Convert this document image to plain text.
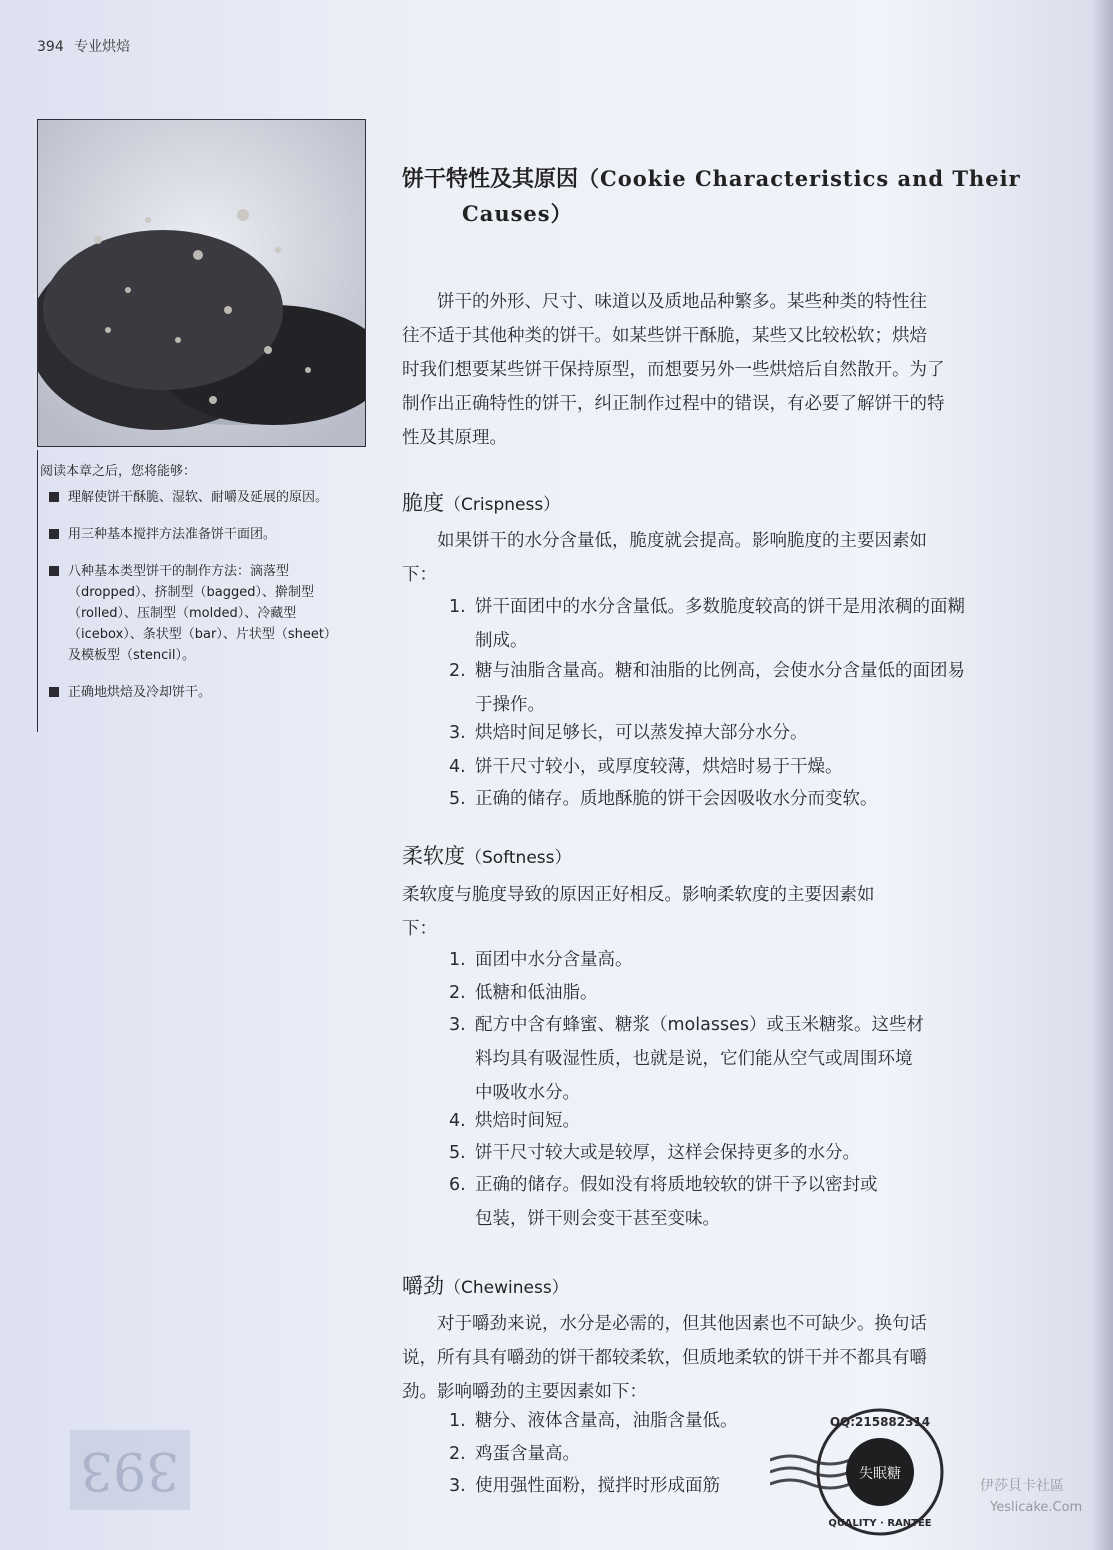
394 专业烘焙
阅读本章之后，您将能够：
理解使饼干酥脆、湿软、耐嚼及延展的原因。
用三种基本搅拌方法准备饼干面团。
八种基本类型饼干的制作方法：滴落型（dropped）、挤制型（bagged）、擀制型（rolled）、压制型（molded）、冷藏型（icebox）、条状型（bar）、片状型（sheet）及模板型（stencil）。
正确地烘焙及冷却饼干。
393
饼干特性及其原因（Cookie Characteristics and Their
Causes）
饼干的外形、尺寸、味道以及质地品种繁多。某些种类的特性往
往不适于其他种类的饼干。如某些饼干酥脆，某些又比较松软；烘焙
时我们想要某些饼干保持原型，而想要另外一些烘焙后自然散开。为了
制作出正确特性的饼干，纠正制作过程中的错误，有必要了解饼干的特
性及其原理。
脆度（Crispness）
如果饼干的水分含量低，脆度就会提高。影响脆度的主要因素如
下：
1. 饼干面团中的水分含量低。多数脆度较高的饼干是用浓稠的面糊
制成。
2. 糖与油脂含量高。糖和油脂的比例高，会使水分含量低的面团易
于操作。
3. 烘焙时间足够长，可以蒸发掉大部分水分。
4. 饼干尺寸较小，或厚度较薄，烘焙时易于干燥。
5. 正确的储存。质地酥脆的饼干会因吸收水分而变软。
柔软度（Softness）
柔软度与脆度导致的原因正好相反。影响柔软度的主要因素如
下：
1. 面团中水分含量高。
2. 低糖和低油脂。
3. 配方中含有蜂蜜、糖浆（molasses）或玉米糖浆。这些材
料均具有吸湿性质，也就是说，它们能从空气或周围环境
中吸收水分。
4. 烘焙时间短。
5. 饼干尺寸较大或是较厚，这样会保持更多的水分。
6. 正确的储存。假如没有将质地较软的饼干予以密封或
包装，饼干则会变干甚至变味。
嚼劲（Chewiness）
对于嚼劲来说，水分是必需的，但其他因素也不可缺少。换句话
说，所有具有嚼劲的饼干都较柔软，但质地柔软的饼干并不都具有嚼
劲。影响嚼劲的主要因素如下：
1. 糖分、液体含量高，油脂含量低。
2. 鸡蛋含量高。
3. 使用强性面粉，搅拌时形成面筋
失眠糖
QQ:215882314
QUALITY · RANTEE
伊莎貝卡社區
Yeslicake.Com
